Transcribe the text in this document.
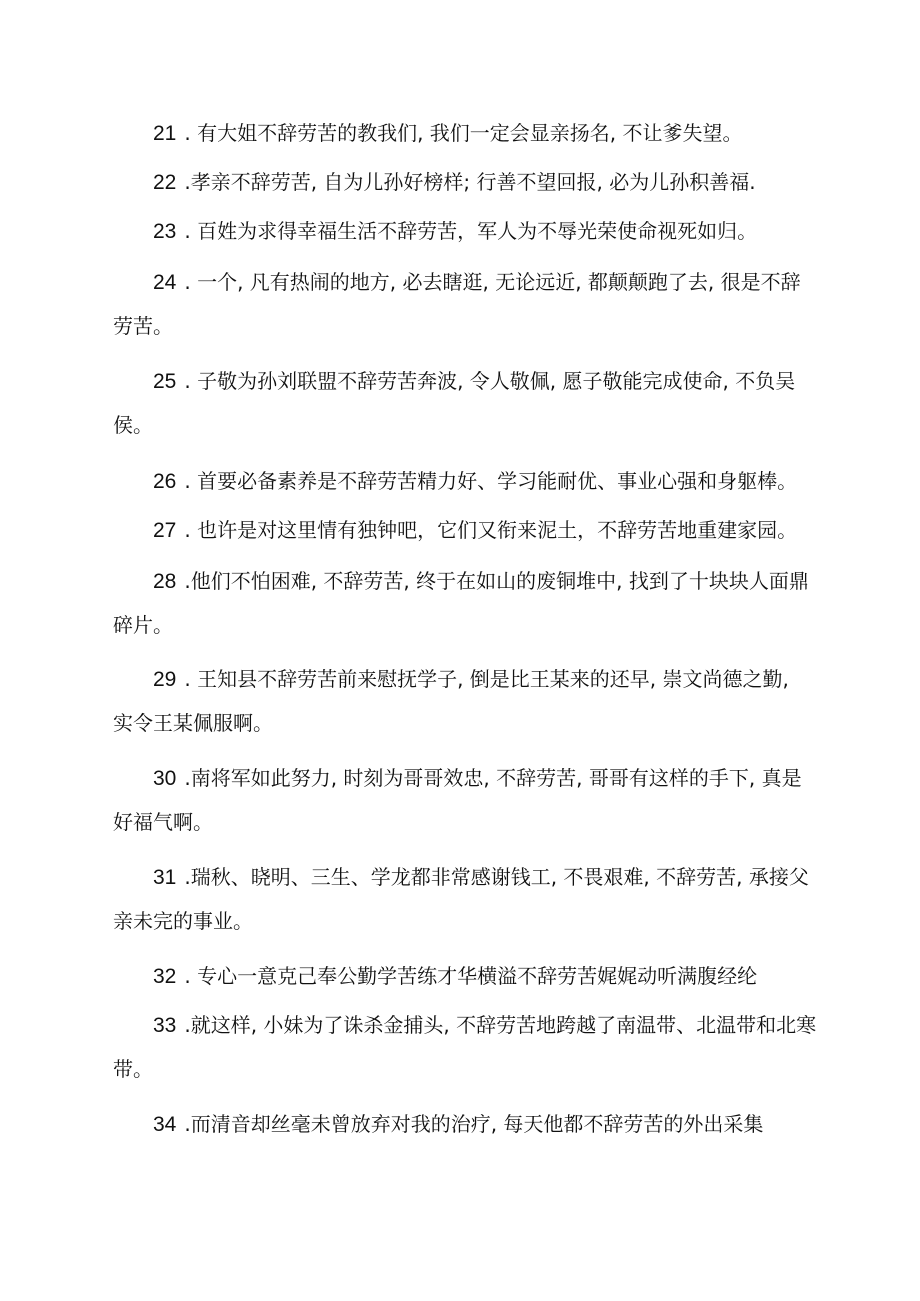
21 . 有大姐不辞劳苦的教我们, 我们一定会显亲扬名, 不让爹失望。
22 .孝亲不辞劳苦, 自为儿孙好榜样; 行善不望回报, 必为儿孙积善福.
23 . 百姓为求得幸福生活不辞劳苦，军人为不辱光荣使命视死如归。
24 . 一个, 凡有热闹的地方, 必去瞎逛, 无论远近, 都颠颠跑了去, 很是不辞
劳苦。
25 . 子敬为孙刘联盟不辞劳苦奔波, 令人敬佩, 愿子敬能完成使命, 不负吴
侯。
26 . 首要必备素养是不辞劳苦精力好、学习能耐优、事业心强和身躯棒。
27 . 也许是对这里情有独钟吧，它们又衔来泥土，不辞劳苦地重建家园。
28 .他们不怕困难, 不辞劳苦, 终于在如山的废铜堆中, 找到了十块块人面鼎
碎片。
29 . 王知县不辞劳苦前来慰抚学子, 倒是比王某来的还早, 崇文尚德之勤,
实令王某佩服啊。
30 .南将军如此努力, 时刻为哥哥效忠, 不辞劳苦, 哥哥有这样的手下, 真是
好福气啊。
31 .瑞秋、晓明、三生、学龙都非常感谢钱工, 不畏艰难, 不辞劳苦, 承接父
亲未完的事业。
32 . 专心一意克己奉公勤学苦练才华横溢不辞劳苦娓娓动听满腹经纶
33 .就这样, 小妹为了诛杀金捕头, 不辞劳苦地跨越了南温带、北温带和北寒
带。
34 .而清音却丝毫未曾放弃对我的治疗, 每天他都不辞劳苦的外出采集
